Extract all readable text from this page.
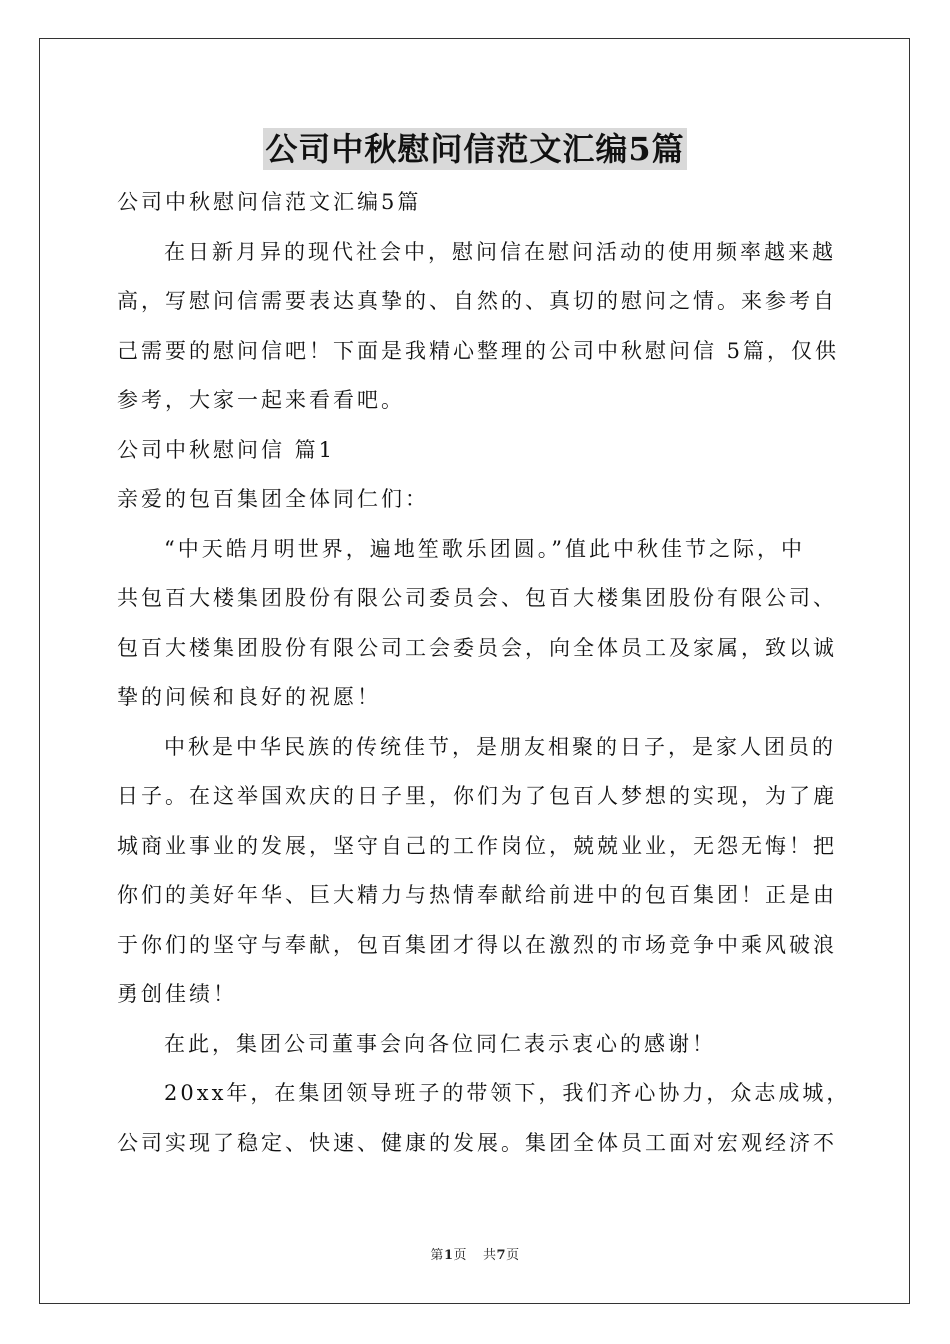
公司中秋慰问信范文汇编5篇
公司中秋慰问信范文汇编5篇
在日新月异的现代社会中，慰问信在慰问活动的使用频率越来越
高，写慰问信需要表达真挚的、自然的、真切的慰问之情。来参考自
己需要的慰问信吧！下面是我精心整理的公司中秋慰问信 5篇，仅供
参考，大家一起来看看吧。
公司中秋慰问信 篇1
亲爱的包百集团全体同仁们：
“中天皓月明世界，遍地笙歌乐团圆。”值此中秋佳节之际，中
共包百大楼集团股份有限公司委员会、包百大楼集团股份有限公司、
包百大楼集团股份有限公司工会委员会，向全体员工及家属，致以诚
挚的问候和良好的祝愿！
中秋是中华民族的传统佳节，是朋友相聚的日子，是家人团员的
日子。在这举国欢庆的日子里，你们为了包百人梦想的实现，为了鹿
城商业事业的发展，坚守自己的工作岗位，兢兢业业，无怨无悔！把
你们的美好年华、巨大精力与热情奉献给前进中的包百集团！正是由
于你们的坚守与奉献，包百集团才得以在激烈的市场竞争中乘风破浪
勇创佳绩！
在此，集团公司董事会向各位同仁表示衷心的感谢！
20xx年，在集团领导班子的带领下，我们齐心协力，众志成城，
公司实现了稳定、快速、健康的发展。集团全体员工面对宏观经济不
第1页 共7页
